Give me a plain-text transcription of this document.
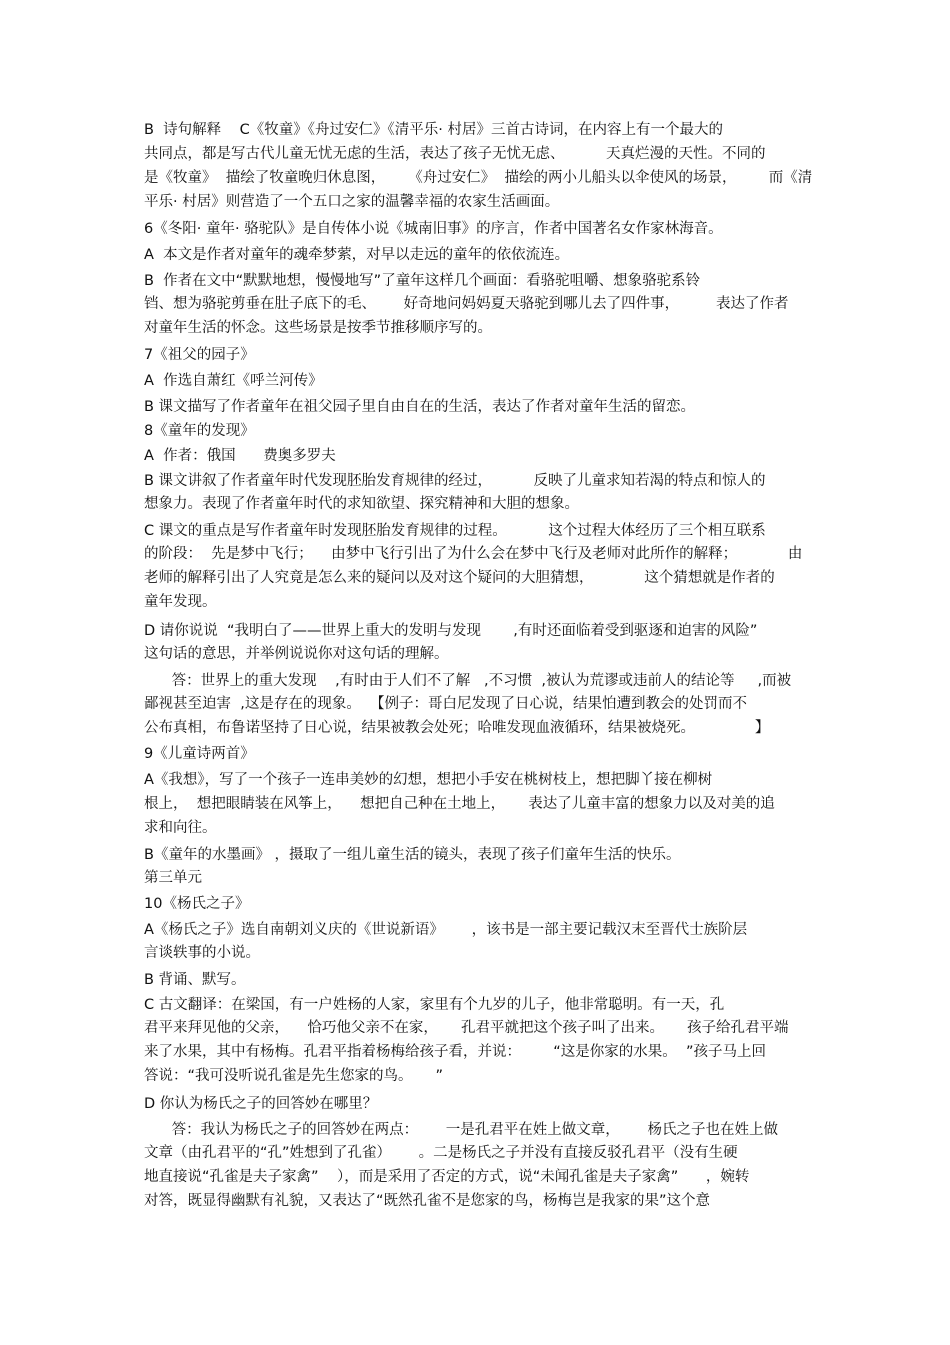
B  诗句解释    C《牧童》《舟过安仁》《清平乐· 村居》三首古诗词，在内容上有一个最大的
共同点，都是写古代儿童无忧无虑的生活，表达了孩子无忧无虑、         天真烂漫的天性。不同的
是《牧童》  描绘了牧童晚归休息图，     《舟过安仁》  描绘的两小儿船头以伞使风的场景，       而《清
平乐· 村居》则营造了一个五口之家的温馨幸福的农家生活画面。
6《冬阳· 童年· 骆驼队》是自传体小说《城南旧事》的序言，作者中国著名女作家林海音。
A  本文是作者对童年的魂牵梦萦，对早以走远的童年的依依流连。
B  作者在文中“默默地想，慢慢地写”了童年这样几个画面：看骆驼咀嚼、想象骆驼系铃
铛、想为骆驼剪垂在肚子底下的毛、      好奇地问妈妈夏天骆驼到哪儿去了四件事，        表达了作者
对童年生活的怀念。这些场景是按季节推移顺序写的。
7《祖父的园子》
A  作选自萧红《呼兰河传》
B 课文描写了作者童年在祖父园子里自由自在的生活，表达了作者对童年生活的留恋。
8《童年的发现》
A  作者：俄国      费奥多罗夫
B 课文讲叙了作者童年时代发现胚胎发育规律的经过，         反映了儿童求知若渴的特点和惊人的
想象力。表现了作者童年时代的求知欲望、探究精神和大胆的想象。
C 课文的重点是写作者童年时发现胚胎发育规律的过程。         这个过程大体经历了三个相互联系
的阶段：  先是梦中飞行；    由梦中飞行引出了为什么会在梦中飞行及老师对此所作的解释；           由
老师的解释引出了人究竟是怎么来的疑问以及对这个疑问的大胆猜想，           这个猜想就是作者的
童年发现。
D 请你说说  “我明白了——世界上重大的发明与发现       ,有时还面临着受到驱逐和迫害的风险”
这句话的意思，并举例说说你对这句话的理解。
答：世界上的重大发现    ,有时由于人们不了解   ,不习惯  ,被认为荒谬或违前人的结论等     ,而被
鄙视甚至迫害  ,这是存在的现象。  【例子：哥白尼发现了日心说，结果怕遭到教会的处罚而不
公布真相，布鲁诺坚持了日心说，结果被教会处死；哈唯发现血液循环，结果被烧死。             】
9《儿童诗两首》
A《我想》，写了一个孩子一连串美妙的幻想，想把小手安在桃树枝上，想把脚丫接在柳树
根上，  想把眼睛装在风筝上，    想把自己种在土地上，     表达了儿童丰富的想象力以及对美的追
求和向往。
B《童年的水墨画》 ，摄取了一组儿童生活的镜头，表现了孩子们童年生活的快乐。
第三单元
10《杨氏之子》
A《杨氏之子》选自南朝刘义庆的《世说新语》      ，该书是一部主要记载汉末至晋代士族阶层
言谈轶事的小说。
B 背诵、默写。
C 古文翻译：在梁国，有一户姓杨的人家，家里有个九岁的儿子，他非常聪明。有一天，孔
君平来拜见他的父亲，    恰巧他父亲不在家，     孔君平就把这个孩子叫了出来。     孩子给孔君平端
来了水果，其中有杨梅。孔君平指着杨梅给孩子看，并说：       “这是你家的水果。  ”孩子马上回
答说：“我可没听说孔雀是先生您家的鸟。     ”
D 你认为杨氏之子的回答妙在哪里？
答：我认为杨氏之子的回答妙在两点：      一是孔君平在姓上做文章，      杨氏之子也在姓上做
文章（由孔君平的“孔”姓想到了孔雀）      。二是杨氏之子并没有直接反驳孔君平（没有生硬
地直接说“孔雀是夫子家禽”    ），而是采用了否定的方式，说“未闻孔雀是夫子家禽”      ，婉转
对答，既显得幽默有礼貌，又表达了“既然孔雀不是您家的鸟，杨梅岂是我家的果”这个意
